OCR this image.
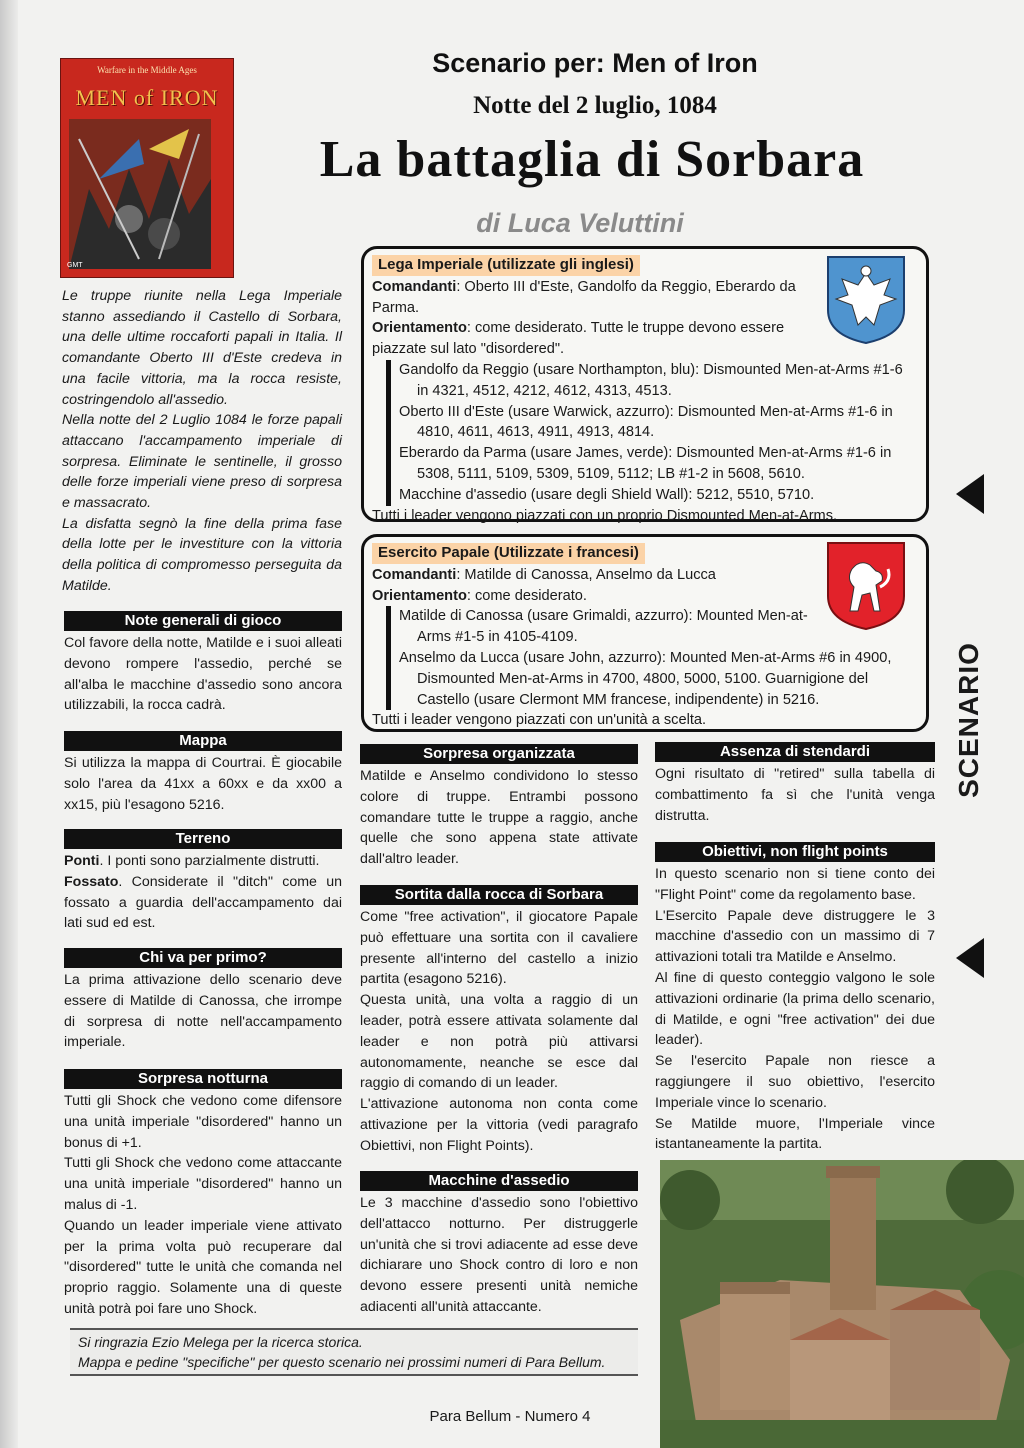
Warfare in the Middle Ages
MEN of IRON
GMT
Scenario per: Men of Iron
Notte del 2 luglio, 1084
La battaglia di Sorbara
di Luca Veluttini

Le truppe riunite nella Lega Imperiale stanno assediando il Castello di Sorbara, una delle ultime roccaforti papali in Italia. Il comandante Oberto III d'Este credeva in una facile vittoria, ma la rocca resiste, costringendolo all'assedio.

Nella notte del 2 Luglio 1084 le forze papali attaccano l'accampamento imperiale di sorpresa. Eliminate le sentinelle, il grosso delle forze imperiali viene preso di sorpresa e massacrato.

La disfatta segnò la fine della prima fase della lotte per le investiture con la vittoria della politica di compromesso perseguita da Matilde.

Lega Imperiale (utilizzate gli inglesi)

Comandanti: Oberto III d'Este, Gandolfo da Reggio, Eberardo da Parma.

Orientamento: come desiderato. Tutte le truppe devono essere piazzate sul lato "disordered".

Gandolfo da Reggio (usare Northampton, blu): Dismounted Men-at-Arms #1-6 in 4321, 4512, 4212, 4612, 4313, 4513.

Oberto III d'Este (usare Warwick, azzurro): Dismounted Men-at-Arms #1-6 in 4810, 4611, 4613, 4911, 4913, 4814.

Eberardo da Parma (usare James, verde): Dismounted Men-at-Arms #1-6 in 5308, 5111, 5109, 5309, 5109, 5112; LB #1-2 in 5608, 5610.

Macchine d'assedio (usare degli Shield Wall): 5212, 5510, 5710.

Tutti i leader vengono piazzati con un proprio Dismounted Men-at-Arms.

Esercito Papale (Utilizzate i francesi)

Comandanti: Matilde di Canossa, Anselmo da Lucca

Orientamento: come desiderato.

Matilde di Canossa (usare Grimaldi, azzurro): Mounted Men-at-Arms #1-5 in 4105-4109.

Anselmo da Lucca (usare John, azzurro): Mounted Men-at-Arms #6 in 4900, Dismounted Men-at-Arms in 4700, 4800, 5000, 5100. Guarnigione del Castello (usare Clermont MM francese, indipendente) in 5216.

Tutti i leader vengono piazzati con un'unità a scelta.

Note generali di gioco

Col favore della notte, Matilde e i suoi alleati devono rompere l'assedio, perché se all'alba le macchine d'assedio sono ancora utilizzabili, la rocca cadrà.

Mappa

Si utilizza la mappa di Courtrai. È giocabile solo l'area da 41xx a 60xx e da xx00 a xx15, più l'esagono 5216.

Terreno

Ponti. I ponti sono parzialmente distrutti.

Fossato. Considerate il "ditch" come un fossato a guardia dell'accampamento dai lati sud ed est.

Chi va per primo?

La prima attivazione dello scenario deve essere di Matilde di Canossa, che irrompe di sorpresa di notte nell'accampamento imperiale.

Sorpresa notturna

Tutti gli Shock che vedono come difensore una unità imperiale "disordered" hanno un bonus di +1.

Tutti gli Shock che vedono come attaccante una unità imperiale "disordered" hanno un malus di -1.

Quando un leader imperiale viene attivato per la prima volta può recuperare dal "disordered" tutte le unità che comanda nel proprio raggio. Solamente una di queste unità potrà poi fare uno Shock.

Sorpresa organizzata

Matilde e Anselmo condividono lo stesso colore di truppe. Entrambi possono comandare tutte le truppe a raggio, anche quelle che sono appena state attivate dall'altro leader.

Sortita dalla rocca di Sorbara

Come "free activation", il giocatore Papale può effettuare una sortita con il cavaliere presente all'interno del castello a inizio partita (esagono 5216).

Questa unità, una volta a raggio di un leader, potrà essere attivata solamente dal leader e non potrà più attivarsi autonomamente, neanche se esce dal raggio di comando di un leader.

L'attivazione autonoma non conta come attivazione per la vittoria (vedi paragrafo Obiettivi, non Flight Points).

Macchine d'assedio

Le 3 macchine d'assedio sono l'obiettivo dell'attacco notturno. Per distruggerle un'unità che si trovi adiacente ad esse deve dichiarare uno Shock contro di loro e non devono essere presenti unità nemiche adiacenti all'unità attaccante.

Assenza di stendardi

Ogni risultato di "retired" sulla tabella di combattimento fa sì che l'unità venga distrutta.

Obiettivi, non flight points

In questo scenario non si tiene conto dei "Flight Point" come da regolamento base.

L'Esercito Papale deve distruggere le 3 macchine d'assedio con un massimo di 7 attivazioni totali tra Matilde e Anselmo.

Al fine di questo conteggio valgono le sole attivazioni ordinarie (la prima dello scenario, di Matilde, e ogni "free activation" dei due leader).

Se l'esercito Papale non riesce a raggiungere il suo obiettivo, l'esercito Imperiale vince lo scenario.

Se Matilde muore, l'Imperiale vince istantaneamente la partita.

SCENARIO

Si ringrazia Ezio Melega per la ricerca storica.

Mappa e pedine "specifiche" per questo scenario nei prossimi numeri di Para Bellum.

Para Bellum - Numero 4
